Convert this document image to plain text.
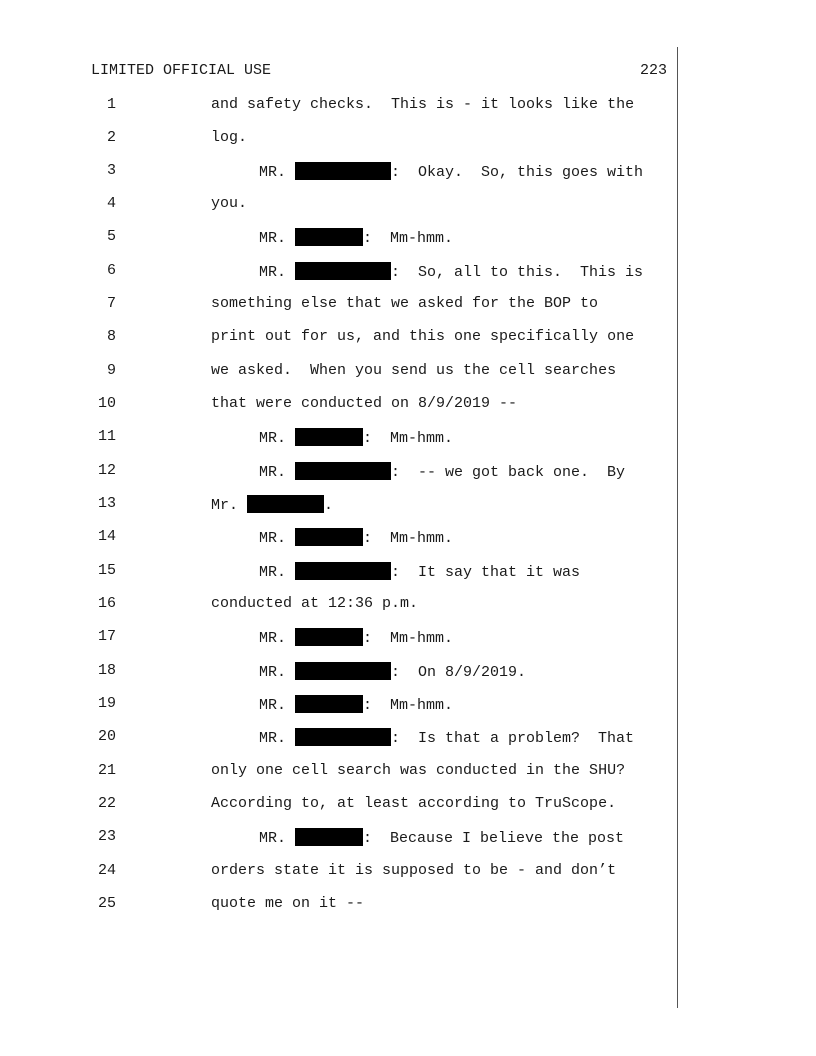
LIMITED OFFICIAL USE	223
1	and safety checks.  This is - it looks like the
2	log.
3	MR.	:  Okay.  So, this goes with
4	you.
5	MR.	:  Mm-hmm.
6	MR.	:  So, all to this.  This is
7	something else that we asked for the BOP to
8	print out for us, and this one specifically one
9	we asked.  When you send us the cell searches
10	that were conducted on 8/9/2019 --
11	MR.	:  Mm-hmm.
12	MR.	:  -- we got back one.  By
13	Mr.	.
14	MR.	:  Mm-hmm.
15	MR.	:  It say that it was
16	conducted at 12:36 p.m.
17	MR.	:  Mm-hmm.
18	MR.	:  On 8/9/2019.
19	MR.	:  Mm-hmm.
20	MR.	:  Is that a problem?  That
21	only one cell search was conducted in the SHU?
22	According to, at least according to TruScope.
23	MR.	:  Because I believe the post
24	orders state it is supposed to be - and don’t
25	quote me on it --
